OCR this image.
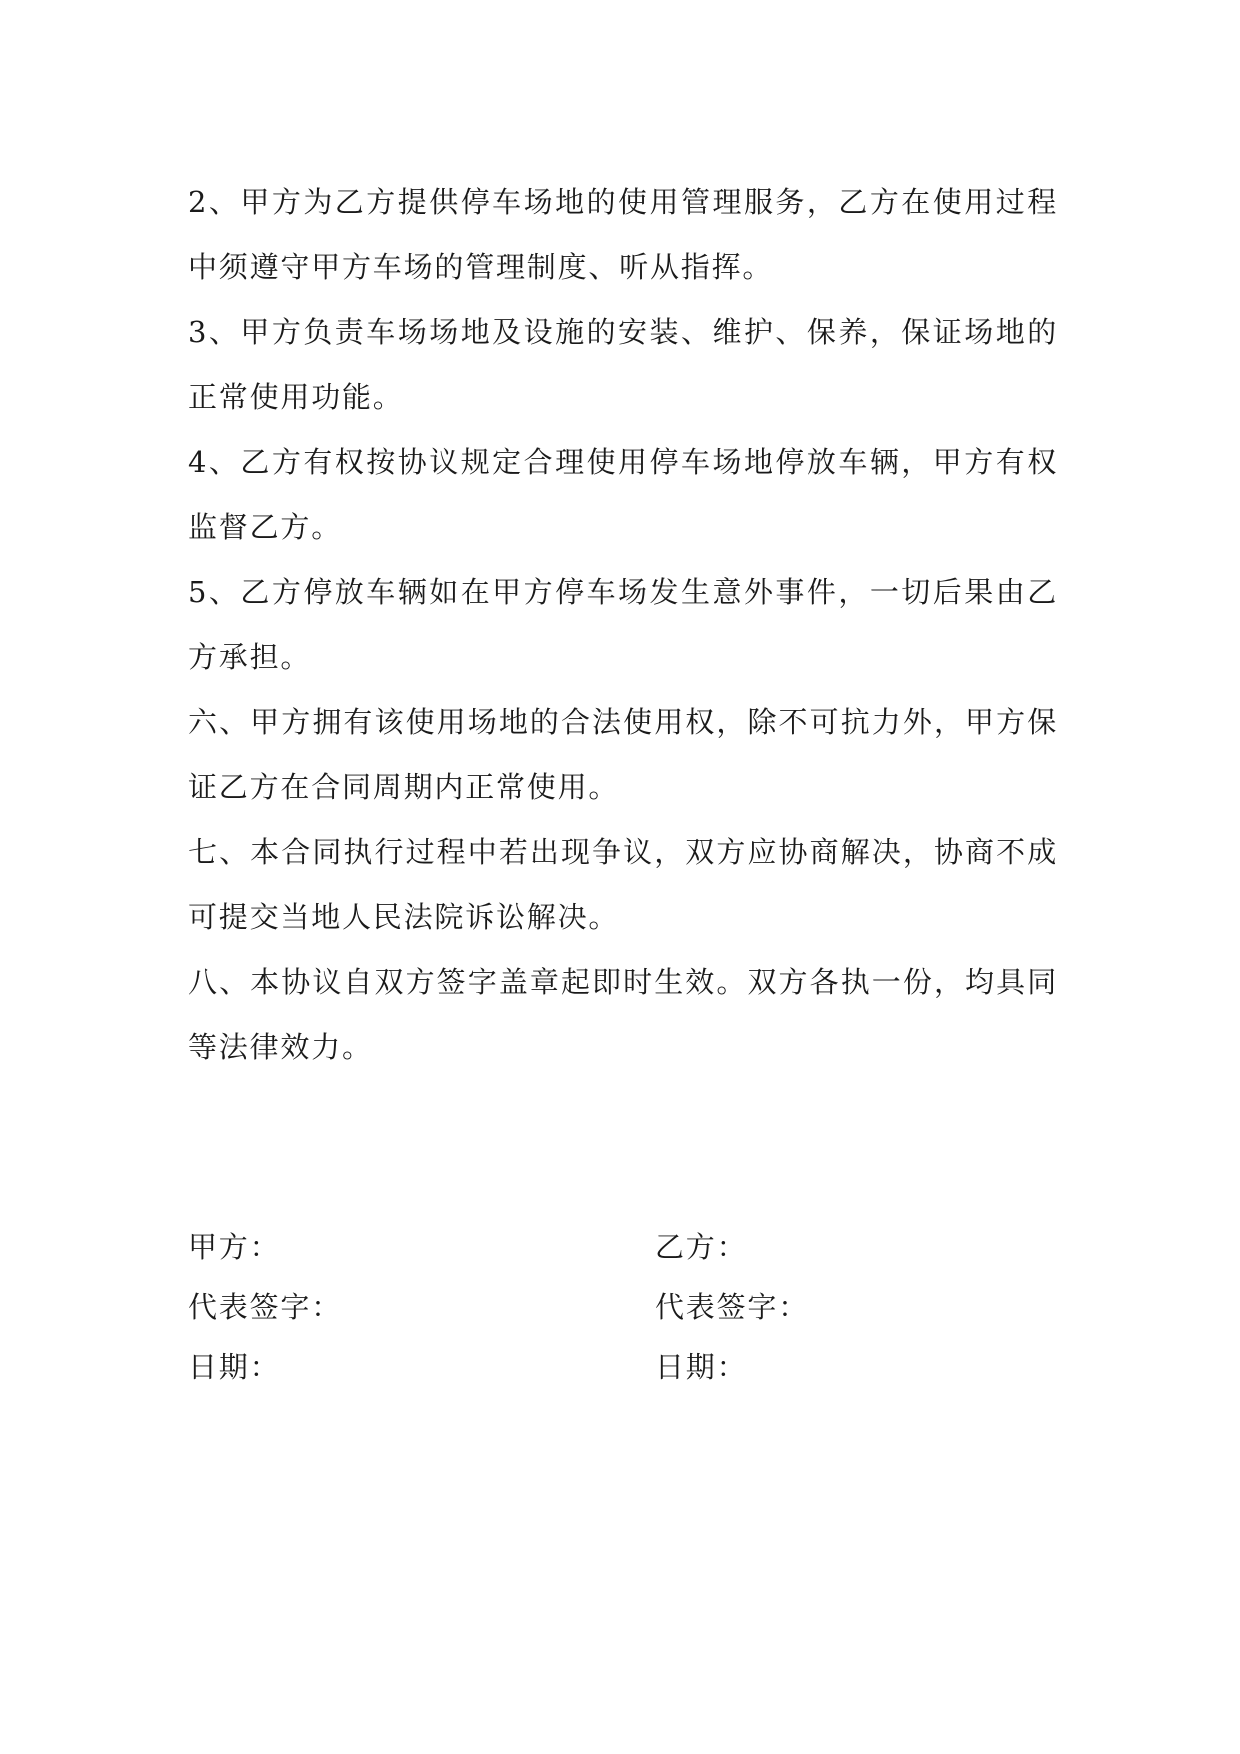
2、甲方为乙方提供停车场地的使用管理服务，乙方在使用过程中须遵守甲方车场的管理制度、听从指挥。

3、甲方负责车场场地及设施的安装、维护、保养，保证场地的正常使用功能。

4、乙方有权按协议规定合理使用停车场地停放车辆，甲方有权监督乙方。

5、乙方停放车辆如在甲方停车场发生意外事件，一切后果由乙方承担。

六、甲方拥有该使用场地的合法使用权，除不可抗力外，甲方保证乙方在合同周期内正常使用。

七、本合同执行过程中若出现争议，双方应协商解决，协商不成可提交当地人民法院诉讼解决。

八、本协议自双方签字盖章起即时生效。双方各执一份，均具同等法律效力。

甲方：	乙方：
代表签字：	代表签字：
日期：	日期：
